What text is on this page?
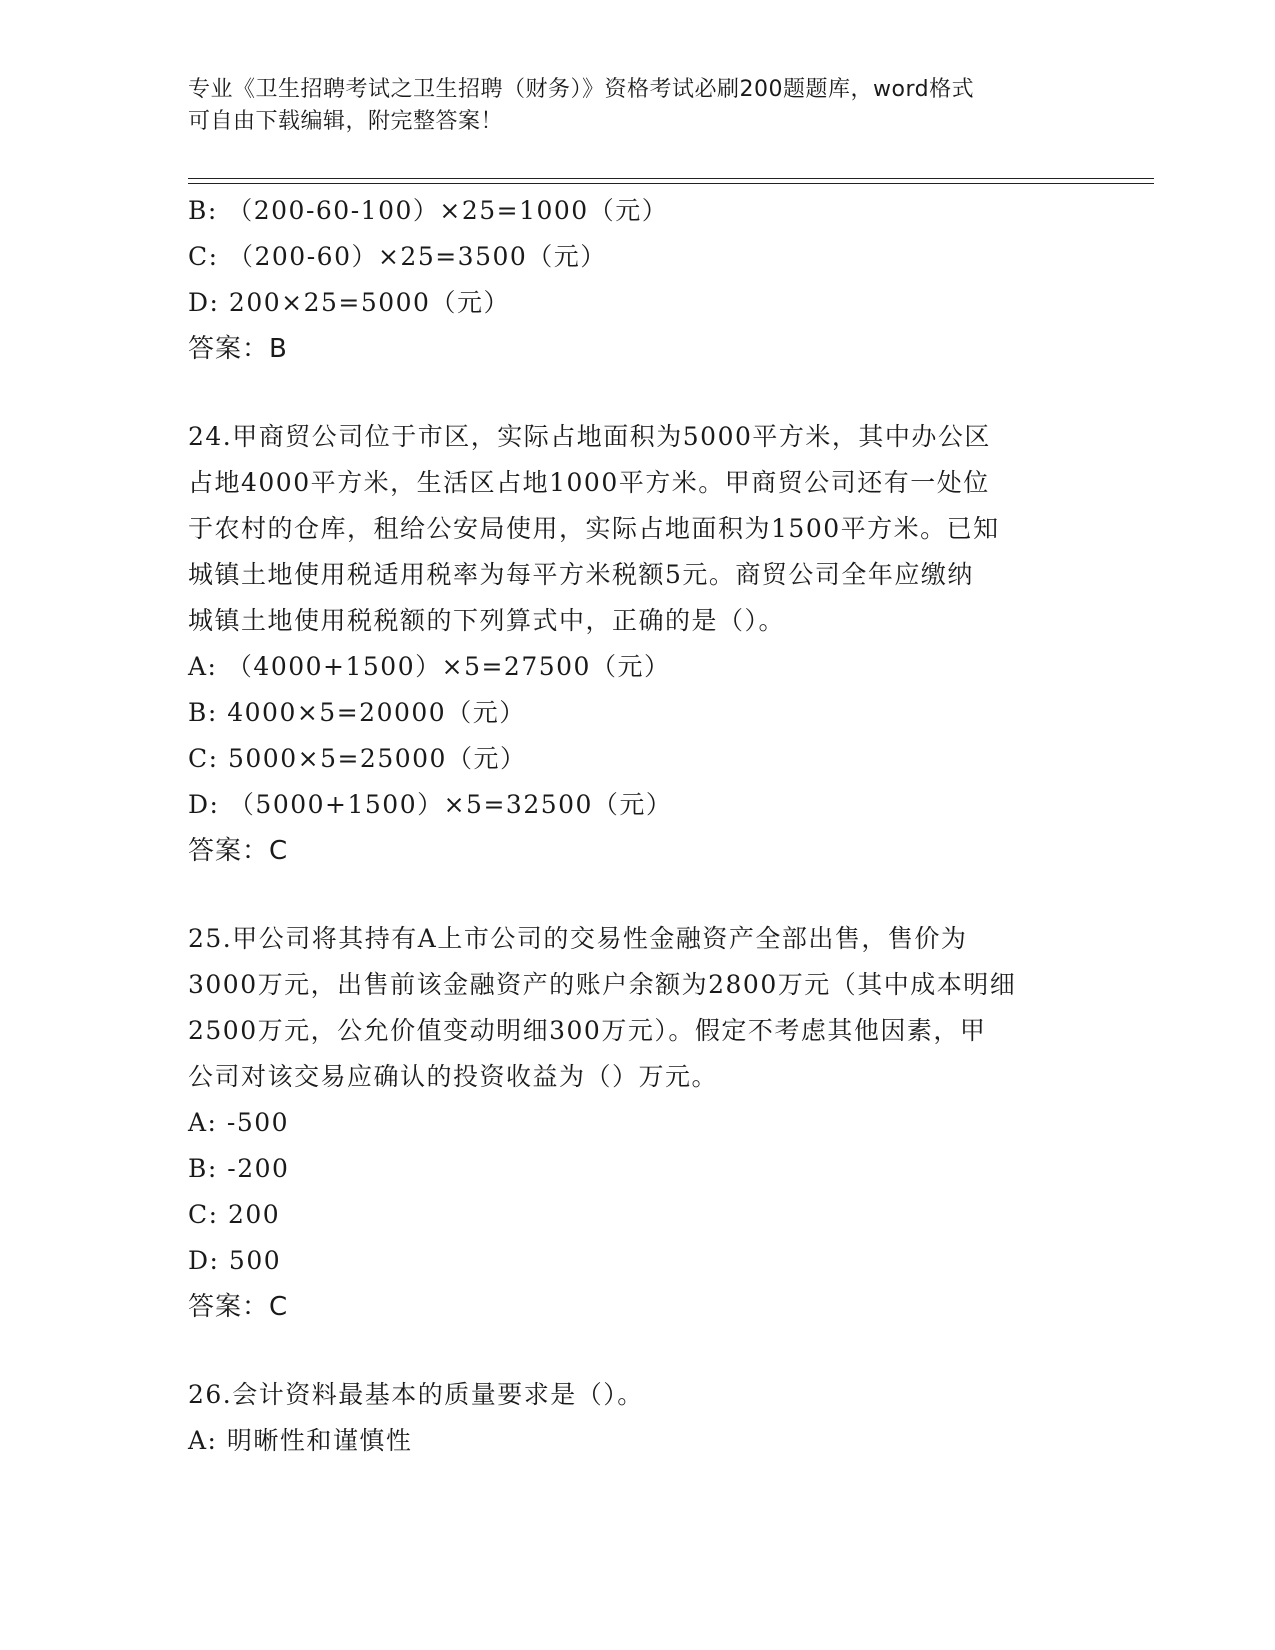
专业《卫生招聘考试之卫生招聘（财务）》资格考试必刷200题题库，word格式
可自由下载编辑，附完整答案！
B: （200-60-100）×25=1000（元）
C: （200-60）×25=3500（元）
D: 200×25=5000（元）
答案：B
24.甲商贸公司位于市区，实际占地面积为5000平方米，其中办公区
占地4000平方米，生活区占地1000平方米。甲商贸公司还有一处位
于农村的仓库，租给公安局使用，实际占地面积为1500平方米。已知
城镇土地使用税适用税率为每平方米税额5元。商贸公司全年应缴纳
城镇土地使用税税额的下列算式中，正确的是（）。
A: （4000+1500）×5=27500（元）
B: 4000×5=20000（元）
C: 5000×5=25000（元）
D: （5000+1500）×5=32500（元）
答案：C
25.甲公司将其持有A上市公司的交易性金融资产全部出售，售价为
3000万元，出售前该金融资产的账户余额为2800万元（其中成本明细
2500万元，公允价值变动明细300万元）。假定不考虑其他因素，甲
公司对该交易应确认的投资收益为（）万元。
A: -500
B: -200
C: 200
D: 500
答案：C
26.会计资料最基本的质量要求是（）。
A: 明晰性和谨慎性
